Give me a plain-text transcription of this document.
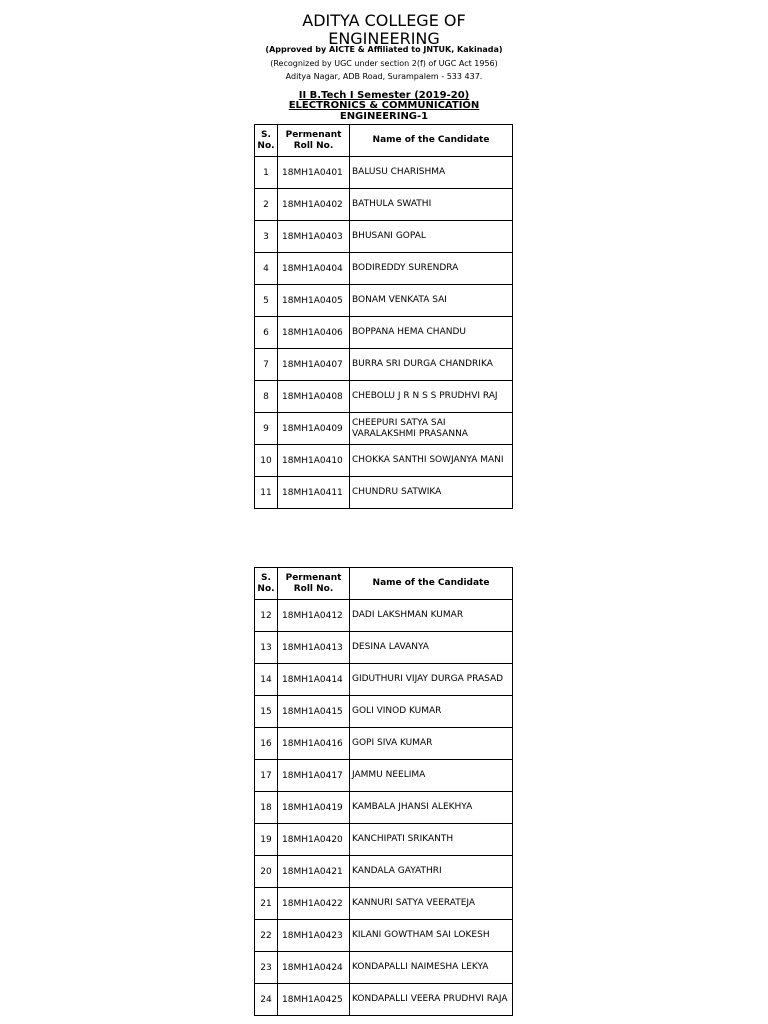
ADITYA COLLEGE OF ENGINEERING
(Approved by AICTE & Affiliated to JNTUK, Kakinada)
(Recognized by UGC under section 2(f) of UGC Act 1956)
Aditya Nagar, ADB Road, Surampalem - 533 437.
II B.Tech I Semester (2019-20)
ELECTRONICS & COMMUNICATION
ENGINEERING-1
S. No.	Permenant Roll No.	Name of the Candidate
1	18MH1A0401	BALUSU CHARISHMA
2	18MH1A0402	BATHULA SWATHI
3	18MH1A0403	BHUSANI GOPAL
4	18MH1A0404	BODIREDDY SURENDRA
5	18MH1A0405	BONAM VENKATA SAI
6	18MH1A0406	BOPPANA HEMA CHANDU
7	18MH1A0407	BURRA SRI DURGA CHANDRIKA
8	18MH1A0408	CHEBOLU J R N S S PRUDHVI RAJ
9	18MH1A0409	CHEEPURI SATYA SAI VARALAKSHMI PRASANNA
10	18MH1A0410	CHOKKA SANTHI SOWJANYA MANI
11	18MH1A0411	CHUNDRU SATWIKA
S. No.	Permenant Roll No.	Name of the Candidate
12	18MH1A0412	DADI LAKSHMAN KUMAR
13	18MH1A0413	DESINA LAVANYA
14	18MH1A0414	GIDUTHURI VIJAY DURGA PRASAD
15	18MH1A0415	GOLI VINOD KUMAR
16	18MH1A0416	GOPI SIVA KUMAR
17	18MH1A0417	JAMMU NEELIMA
18	18MH1A0419	KAMBALA JHANSI ALEKHYA
19	18MH1A0420	KANCHIPATI SRIKANTH
20	18MH1A0421	KANDALA GAYATHRI
21	18MH1A0422	KANNURI SATYA VEERATEJA
22	18MH1A0423	KILANI GOWTHAM SAI LOKESH
23	18MH1A0424	KONDAPALLI NAIMESHA LEKYA
24	18MH1A0425	KONDAPALLI VEERA PRUDHVI RAJA
